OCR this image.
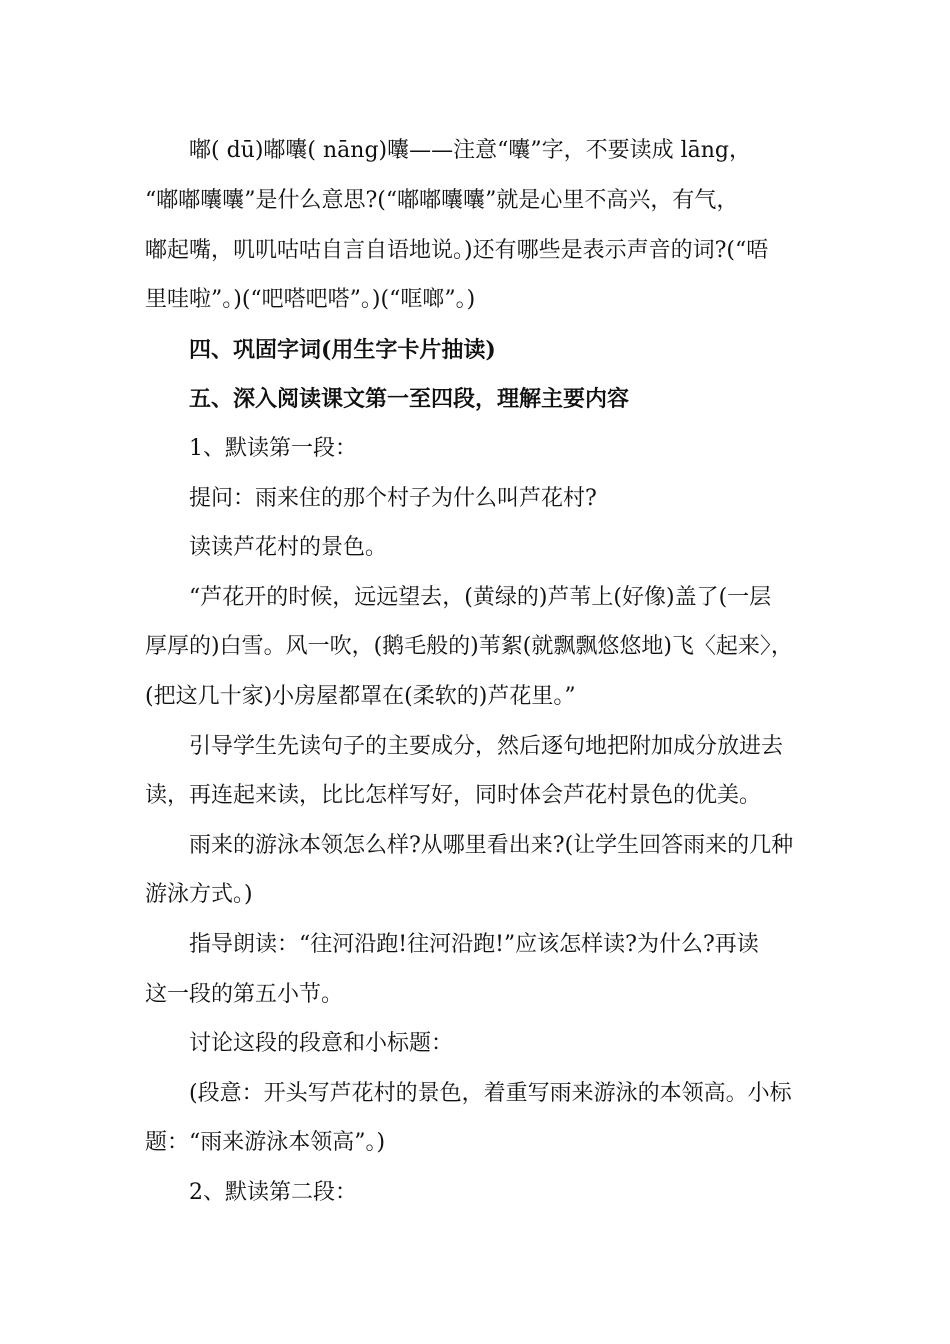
嘟( dū)嘟囔( nāng)囔——注意“囔”字，不要读成 lāng，
“嘟嘟囔囔”是什么意思?(“嘟嘟囔囔”就是心里不高兴，有气，
嘟起嘴，叽叽咕咕自言自语地说。)还有哪些是表示声音的词?(“唔
里哇啦”。)(“吧嗒吧嗒”。)(“哐啷”。)
四、巩固字词(用生字卡片抽读)
五、深入阅读课文第一至四段，理解主要内容
1、默读第一段：
提问：雨来住的那个村子为什么叫芦花村?
读读芦花村的景色。
“芦花开的时候，远远望去，(黄绿的)芦苇上(好像)盖了(一层
厚厚的)白雪。风一吹，(鹅毛般的)苇絮(就飘飘悠悠地)飞〈起来〉，
(把这几十家)小房屋都罩在(柔软的)芦花里。”
引导学生先读句子的主要成分，然后逐句地把附加成分放进去
读，再连起来读，比比怎样写好，同时体会芦花村景色的优美。
雨来的游泳本领怎么样?从哪里看出来?(让学生回答雨来的几种
游泳方式。)
指导朗读：“往河沿跑!往河沿跑!”应该怎样读?为什么?再读
这一段的第五小节。
讨论这段的段意和小标题：
(段意：开头写芦花村的景色，着重写雨来游泳的本领高。小标
题：“雨来游泳本领高”。)
2、默读第二段：
